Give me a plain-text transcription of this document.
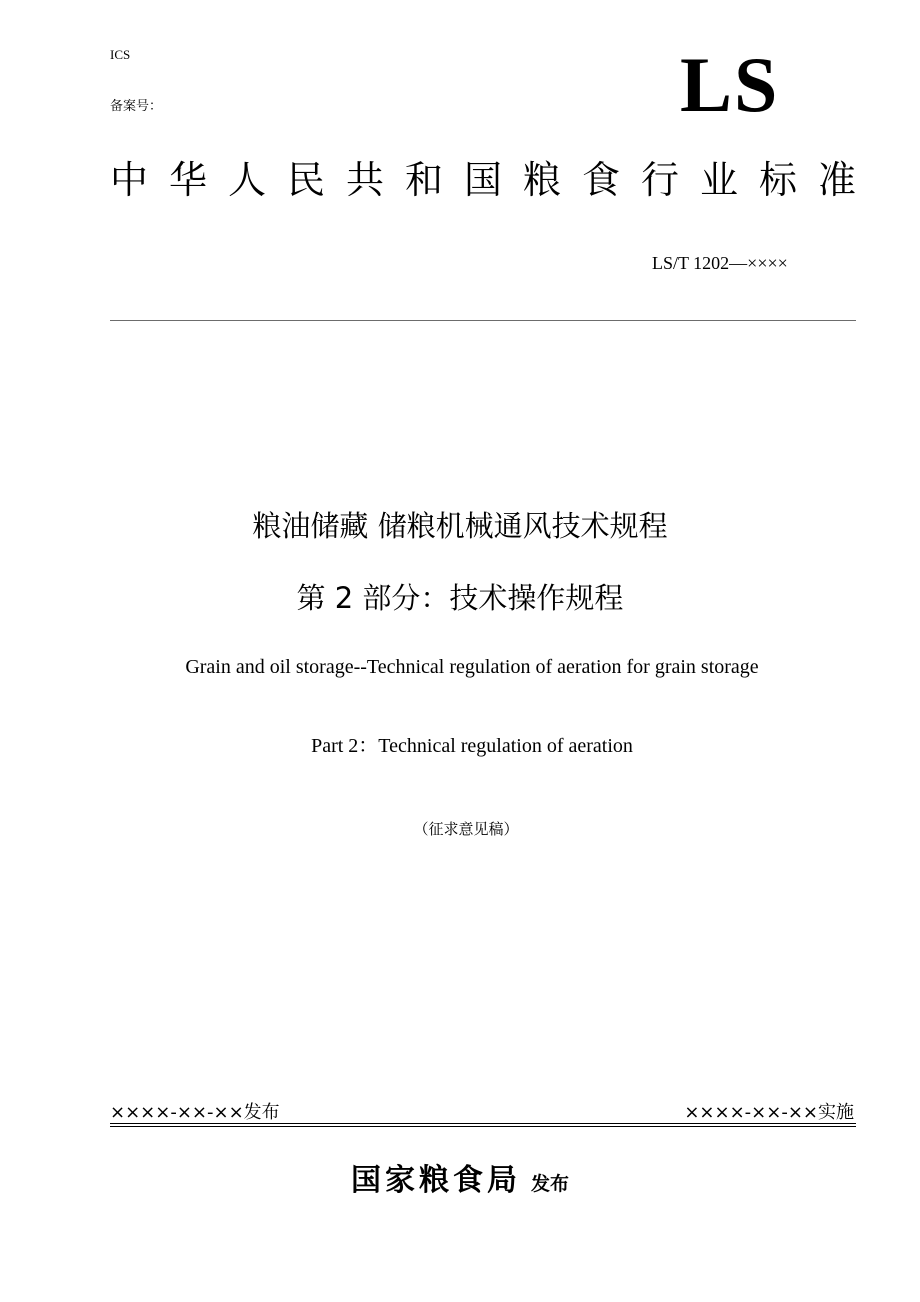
ICS
备案号：	LS
中华人民共和国粮食行业标准
LS/T 1202—××××
粮油储藏 储粮机械通风技术规程
第 2 部分：技术操作规程
Grain and oil storage--Technical regulation of aeration for grain storage
Part 2：Technical regulation of aeration
（征求意见稿）
××××-××-××发布	××××-××-××实施
国家粮食局 发布
